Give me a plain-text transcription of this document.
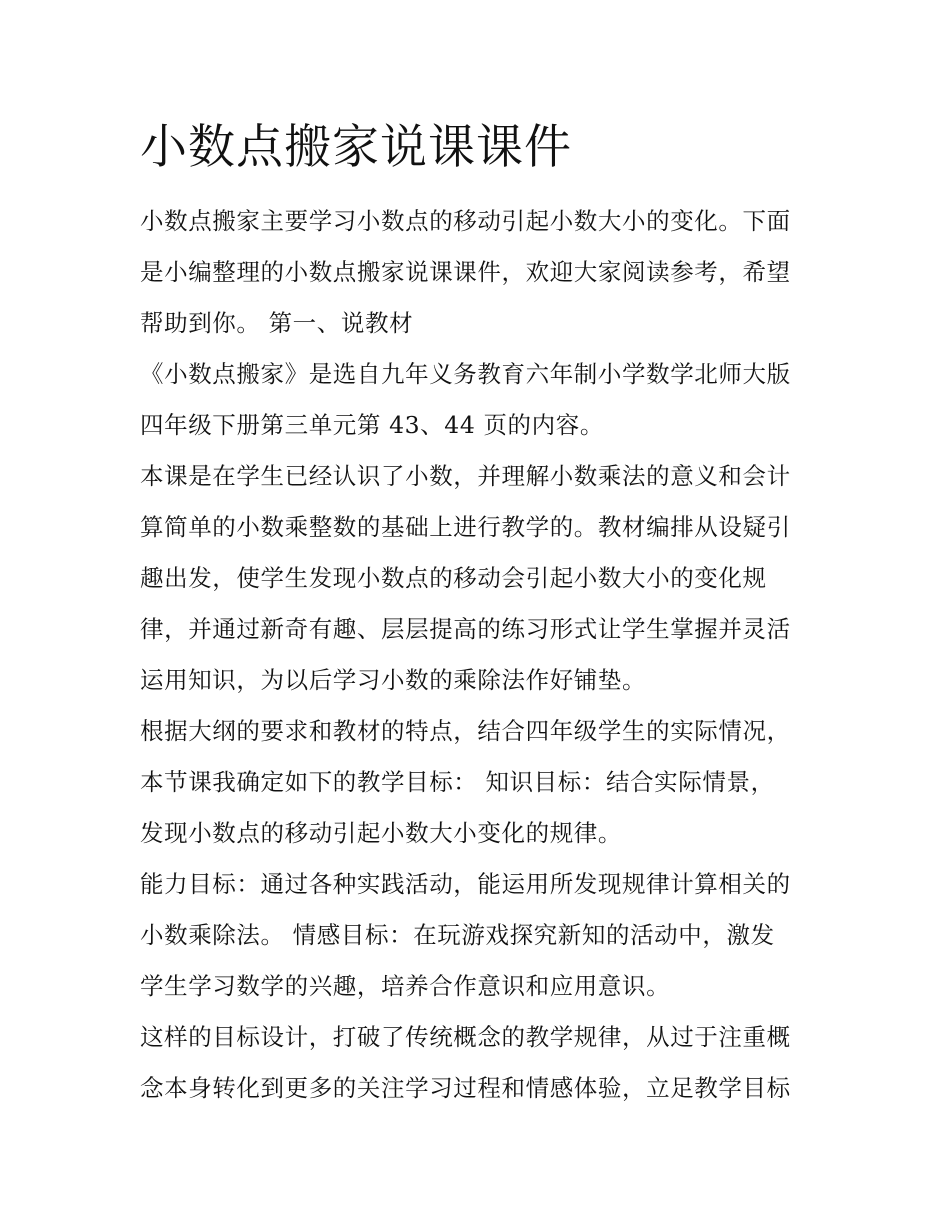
小数点搬家说课课件

小数点搬家主要学习小数点的移动引起小数大小的变化。下面

是小编整理的小数点搬家说课课件，欢迎大家阅读参考，希望

帮助到你。 第一、说教材

《小数点搬家》是选自九年义务教育六年制小学数学北师大版

四年级下册第三单元第 43、44 页的内容。

本课是在学生已经认识了小数，并理解小数乘法的意义和会计

算简单的小数乘整数的基础上进行教学的。教材编排从设疑引

趣出发，使学生发现小数点的移动会引起小数大小的变化规

律，并通过新奇有趣、层层提高的练习形式让学生掌握并灵活

运用知识，为以后学习小数的乘除法作好铺垫。

根据大纲的要求和教材的特点，结合四年级学生的实际情况，

本节课我确定如下的教学目标： 知识目标：结合实际情景，

发现小数点的移动引起小数大小变化的规律。

能力目标：通过各种实践活动，能运用所发现规律计算相关的

小数乘除法。 情感目标：在玩游戏探究新知的活动中，激发

学生学习数学的兴趣，培养合作意识和应用意识。

这样的目标设计，打破了传统概念的教学规律，从过于注重概

念本身转化到更多的关注学习过程和情感体验，立足教学目标
